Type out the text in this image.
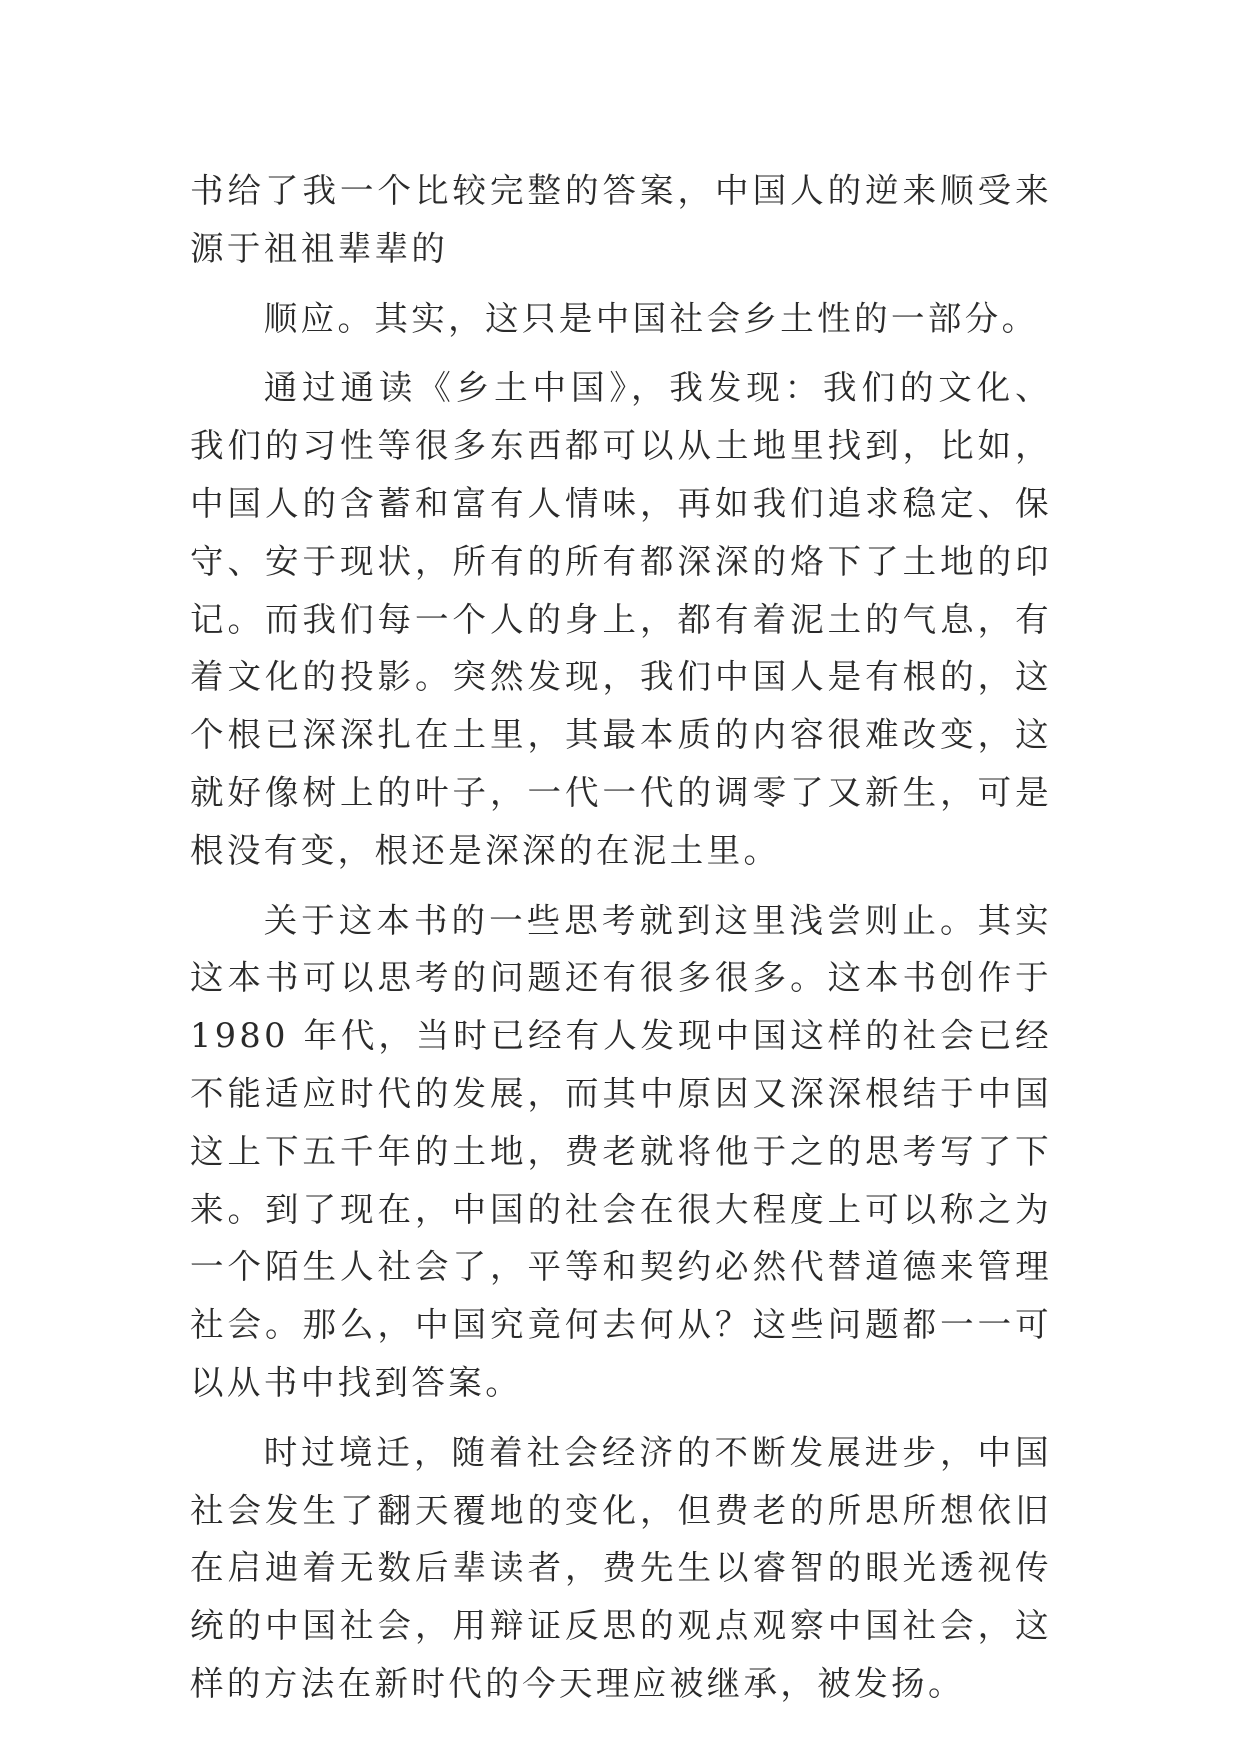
书给了我一个比较完整的答案，中国人的逆来顺受来源于祖祖辈辈的

顺应。其实，这只是中国社会乡土性的一部分。

通过通读《乡土中国》，我发现：我们的文化、我们的习性等很多东西都可以从土地里找到，比如，中国人的含蓄和富有人情味，再如我们追求稳定、保守、安于现状，所有的所有都深深的烙下了土地的印记。而我们每一个人的身上，都有着泥土的气息，有着文化的投影。突然发现，我们中国人是有根的，这个根已深深扎在土里，其最本质的内容很难改变，这就好像树上的叶子，一代一代的调零了又新生，可是根没有变，根还是深深的在泥土里。

关于这本书的一些思考就到这里浅尝则止。其实这本书可以思考的问题还有很多很多。这本书创作于 1980 年代，当时已经有人发现中国这样的社会已经不能适应时代的发展，而其中原因又深深根结于中国这上下五千年的土地，费老就将他于之的思考写了下来。到了现在，中国的社会在很大程度上可以称之为一个陌生人社会了，平等和契约必然代替道德来管理社会。那么，中国究竟何去何从？这些问题都一一可以从书中找到答案。

时过境迁，随着社会经济的不断发展进步，中国社会发生了翻天覆地的变化，但费老的所思所想依旧在启迪着无数后辈读者，费先生以睿智的眼光透视传统的中国社会，用辩证反思的观点观察中国社会，这样的方法在新时代的今天理应被继承，被发扬。
